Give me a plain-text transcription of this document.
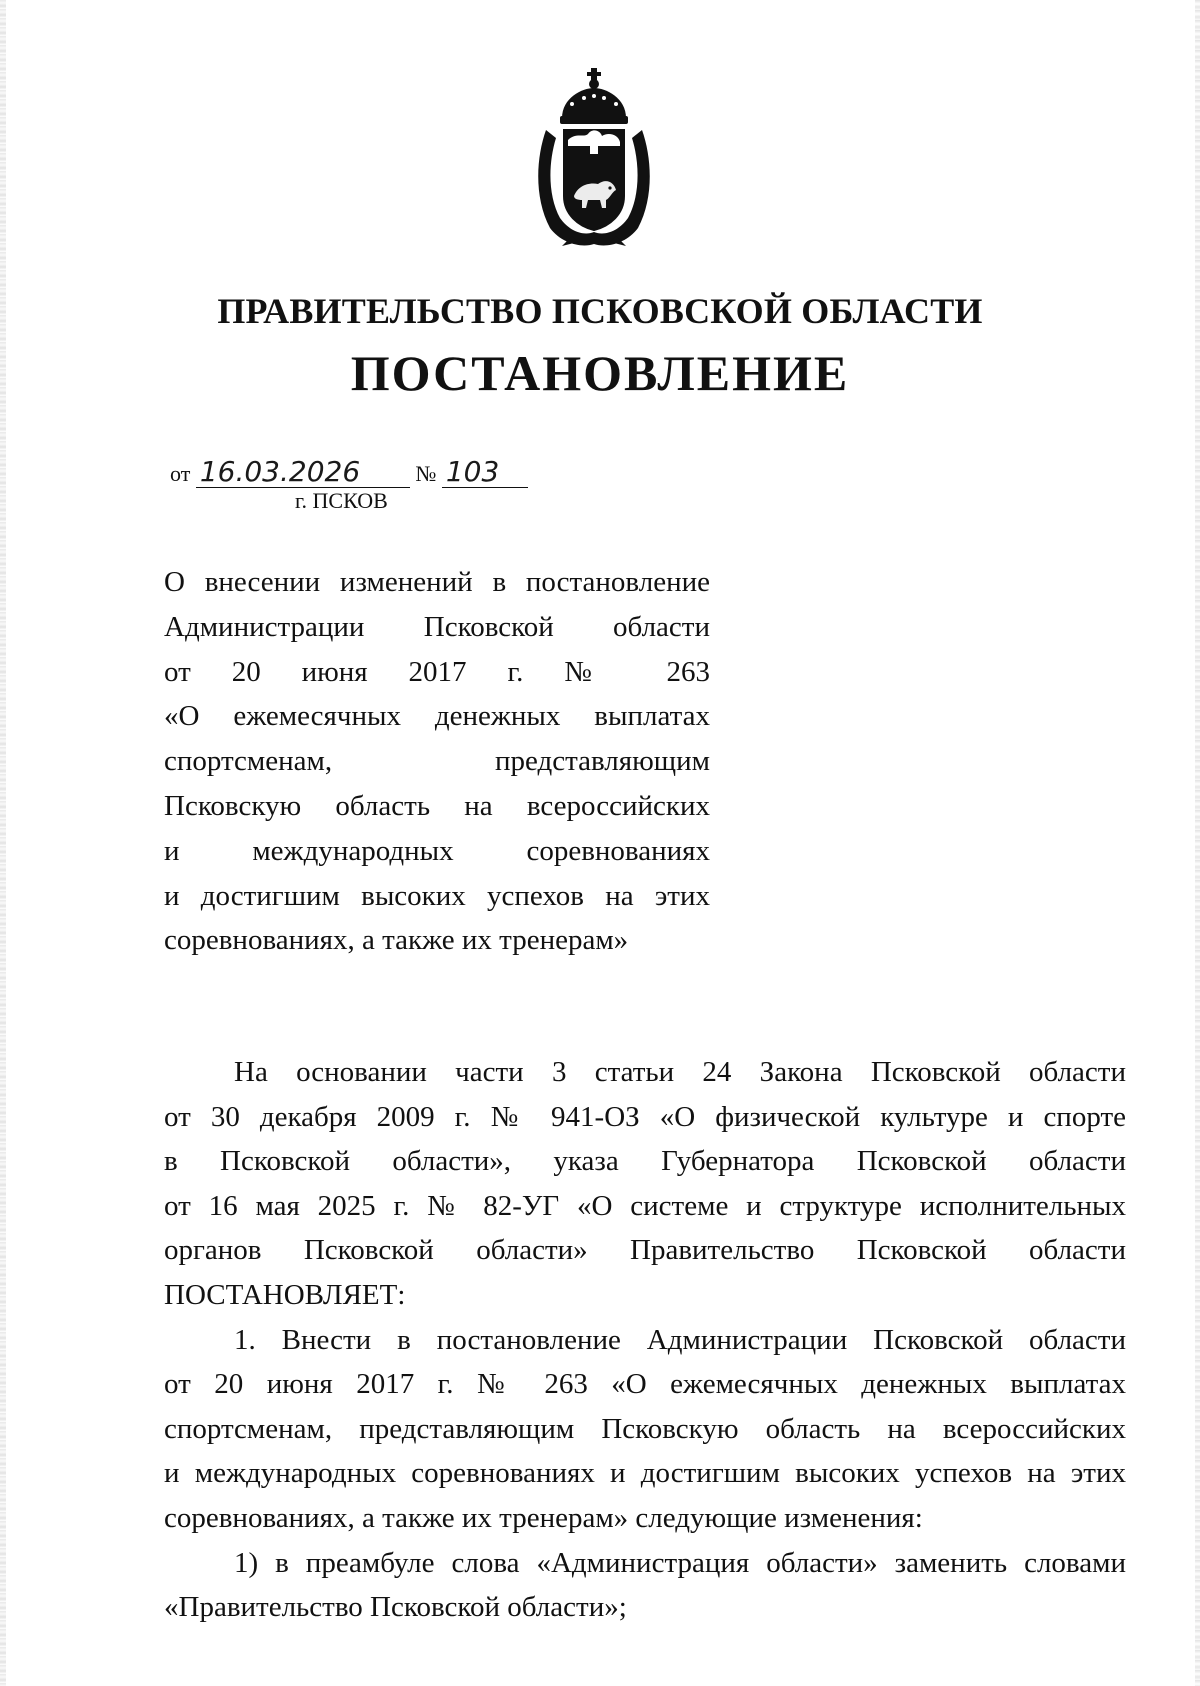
ПРАВИТЕЛЬСТВО ПСКОВСКОЙ ОБЛАСТИ
ПОСТАНОВЛЕНИЕ
от 16.03.2026	№ 103
г. ПСКОВ
О внесении изменений в постановление
Администрации Псковской области
от 20 июня 2017 г. № 263
«О ежемесячных денежных выплатах
спортсменам, представляющим
Псковскую область на всероссийских
и международных соревнованиях
и достигшим высоких успехов на этих
соревнованиях, а также их тренерам»
На основании части 3 статьи 24 Закона Псковской области
от 30 декабря 2009 г. № 941-ОЗ «О физической культуре и спорте
в Псковской области», указа Губернатора Псковской области
от 16 мая 2025 г. № 82-УГ «О системе и структуре исполнительных
органов Псковской области» Правительство Псковской области
ПОСТАНОВЛЯЕТ:
1. Внести в постановление Администрации Псковской области
от 20 июня 2017 г. № 263 «О ежемесячных денежных выплатах
спортсменам, представляющим Псковскую область на всероссийских
и международных соревнованиях и достигшим высоких успехов на этих
соревнованиях, а также их тренерам» следующие изменения:
1) в преамбуле слова «Администрация области» заменить словами
«Правительство Псковской области»;
